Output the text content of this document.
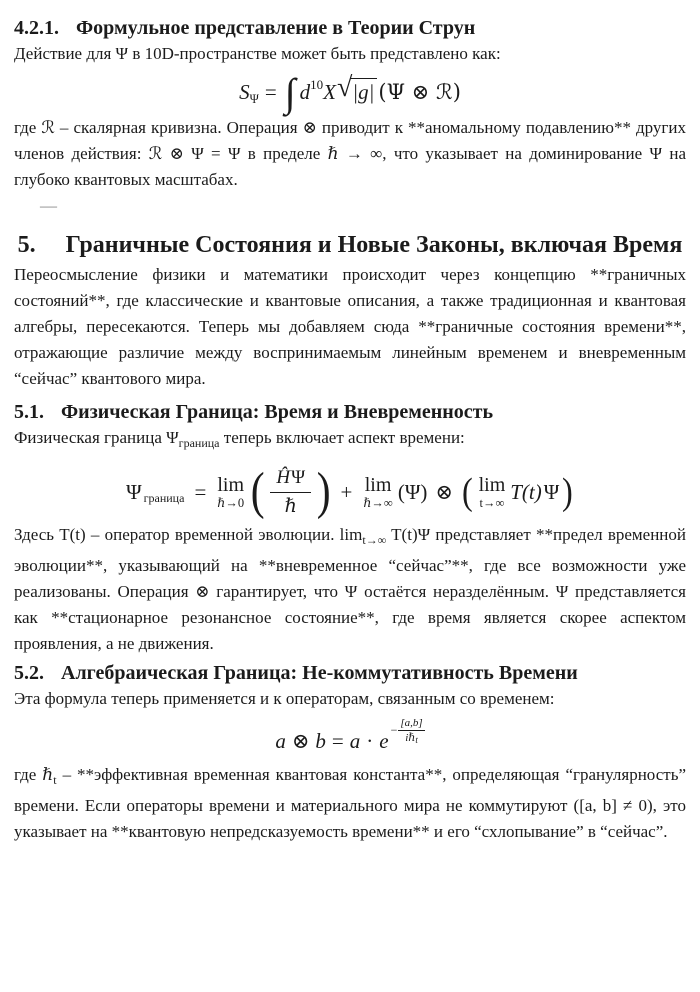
4.2.1. Формульное представление в Теории Струн

Действие для Ψ в 10D-пространстве может быть представлено как:

S Ψ = ∫ d 10 X √ |g| (Ψ ⊗ ℛ)

где ℛ – скалярная кривизна. Операция ⊗ приводит к **аномальному подавлению** других членов действия: ℛ ⊗ Ψ = Ψ в пределе ℏ → ∞, что указывает на доминирование Ψ на глубоко квантовых масштабах.

—

5. Граничные Состояния и Новые Законы, включая Время

Переосмысление физики и математики происходит через концепцию **граничных состояний**, где классические и квантовые описания, а также традиционная и квантовая алгебры, пересекаются. Теперь мы добавляем сюда **граничные состояния времени**, отражающие различие между воспринимаемым линейным временем и вневременным “сейчас” квантового мира.

5.1. Физическая Граница: Время и Вневременность

Физическая граница $\Psi_{граница}$ теперь включает аспект времени:

Ψ граница = lim
ℏ→0 ( $\frac{\text{Ĥ Ψ}}{\text{ℏ}}$ ) + lim
ℏ→∞ (Ψ) ⊗ ( lim
t→∞ T(t) Ψ )

Здесь T(t) – оператор временной эволюции. $\lim_{t\to\infty} T(t)\Psi$ представляет **предел временной эволюции**, указывающий на **вневременное “сейчас”**, где все возможности уже реализованы. Операция ⊗ гарантирует, что Ψ остаётся неразделённым. Ψ представляется как **стационарное резонансное состояние**, где время является скорее аспектом проявления, а не движения.

5.2. Алгебраическая Граница: Не-коммутативность Времени

Эта формула теперь применяется и к операторам, связанным со временем:

a ⊗ b = a · e −
[a,b]
iℏt

где ℏ$_t$ – **эффективная временная квантовая константа**, определяющая “гранулярность” времени. Если операторы времени и материального мира не коммутируют ([a, b] ≠ 0), это указывает на **квантовую непредсказуемость времени** и его “схлопывание” в “сейчас”.
